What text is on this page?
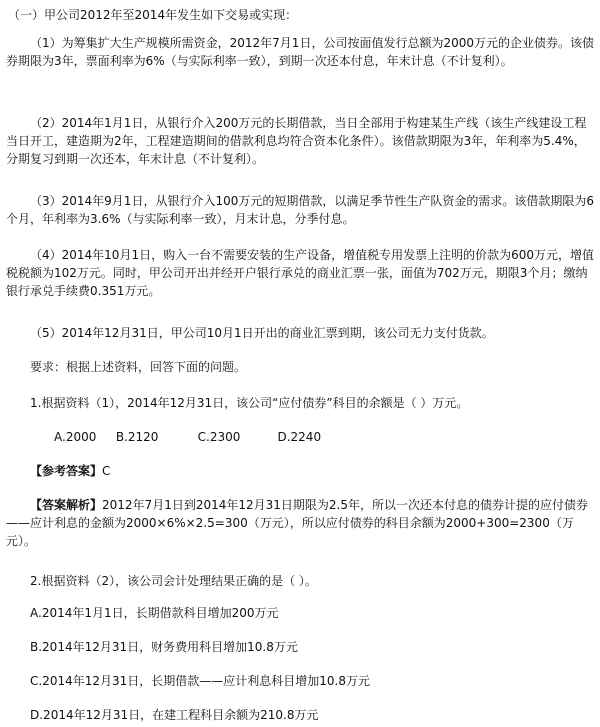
（一）甲公司2012年至2014年发生如下交易或实现：
（1）为筹集扩大生产规模所需资金，2012年7月1日，公司按面值发行总额为2000万元的企业债券。该债券期限为3年，票面利率为6%（与实际利率一致），到期一次还本付息，年末计息（不计复利）。
（2）2014年1月1日，从银行介入200万元的长期借款，当日全部用于构建某生产线（该生产线建设工程当日开工，建造期为2年，工程建造期间的借款利息均符合资本化条件）。该借款期限为3年，年利率为5.4%，分期复习到期一次还本，年末计息（不计复利）。
（3）2014年9月1日，从银行介入100万元的短期借款，以满足季节性生产队资金的需求。该借款期限为6个月，年利率为3.6%（与实际利率一致），月末计息，分季付息。
（4）2014年10月1日，购入一台不需要安装的生产设备，增值税专用发票上注明的价款为600万元，增值税税额为102万元。同时，甲公司开出并经开户银行承兑的商业汇票一张，面值为702万元，期限3个月；缴纳银行承兑手续费0.351万元。
（5）2014年12月31日，甲公司10月1日开出的商业汇票到期，该公司无力支付货款。
要求：根据上述资料，回答下面的问题。
1.根据资料（1），2014年12月31日，该公司“应付债券”科目的余额是（ ）万元。
A.2000 B.2120	C.2300	D.2240
【参考答案】C
【答案解析】2012年7月1日到2014年12月31日期限为2.5年，所以一次还本付息的债券计提的应付债券——应计利息的金额为2000×6%×2.5=300（万元），所以应付债券的科目余额为2000+300=2300（万元）。
2.根据资料（2），该公司会计处理结果正确的是（ ）。
A.2014年1月1日，长期借款科目增加200万元
B.2014年12月31日，财务费用科目增加10.8万元
C.2014年12月31日，长期借款——应计利息科目增加10.8万元
D.2014年12月31日，在建工程科目余额为210.8万元
